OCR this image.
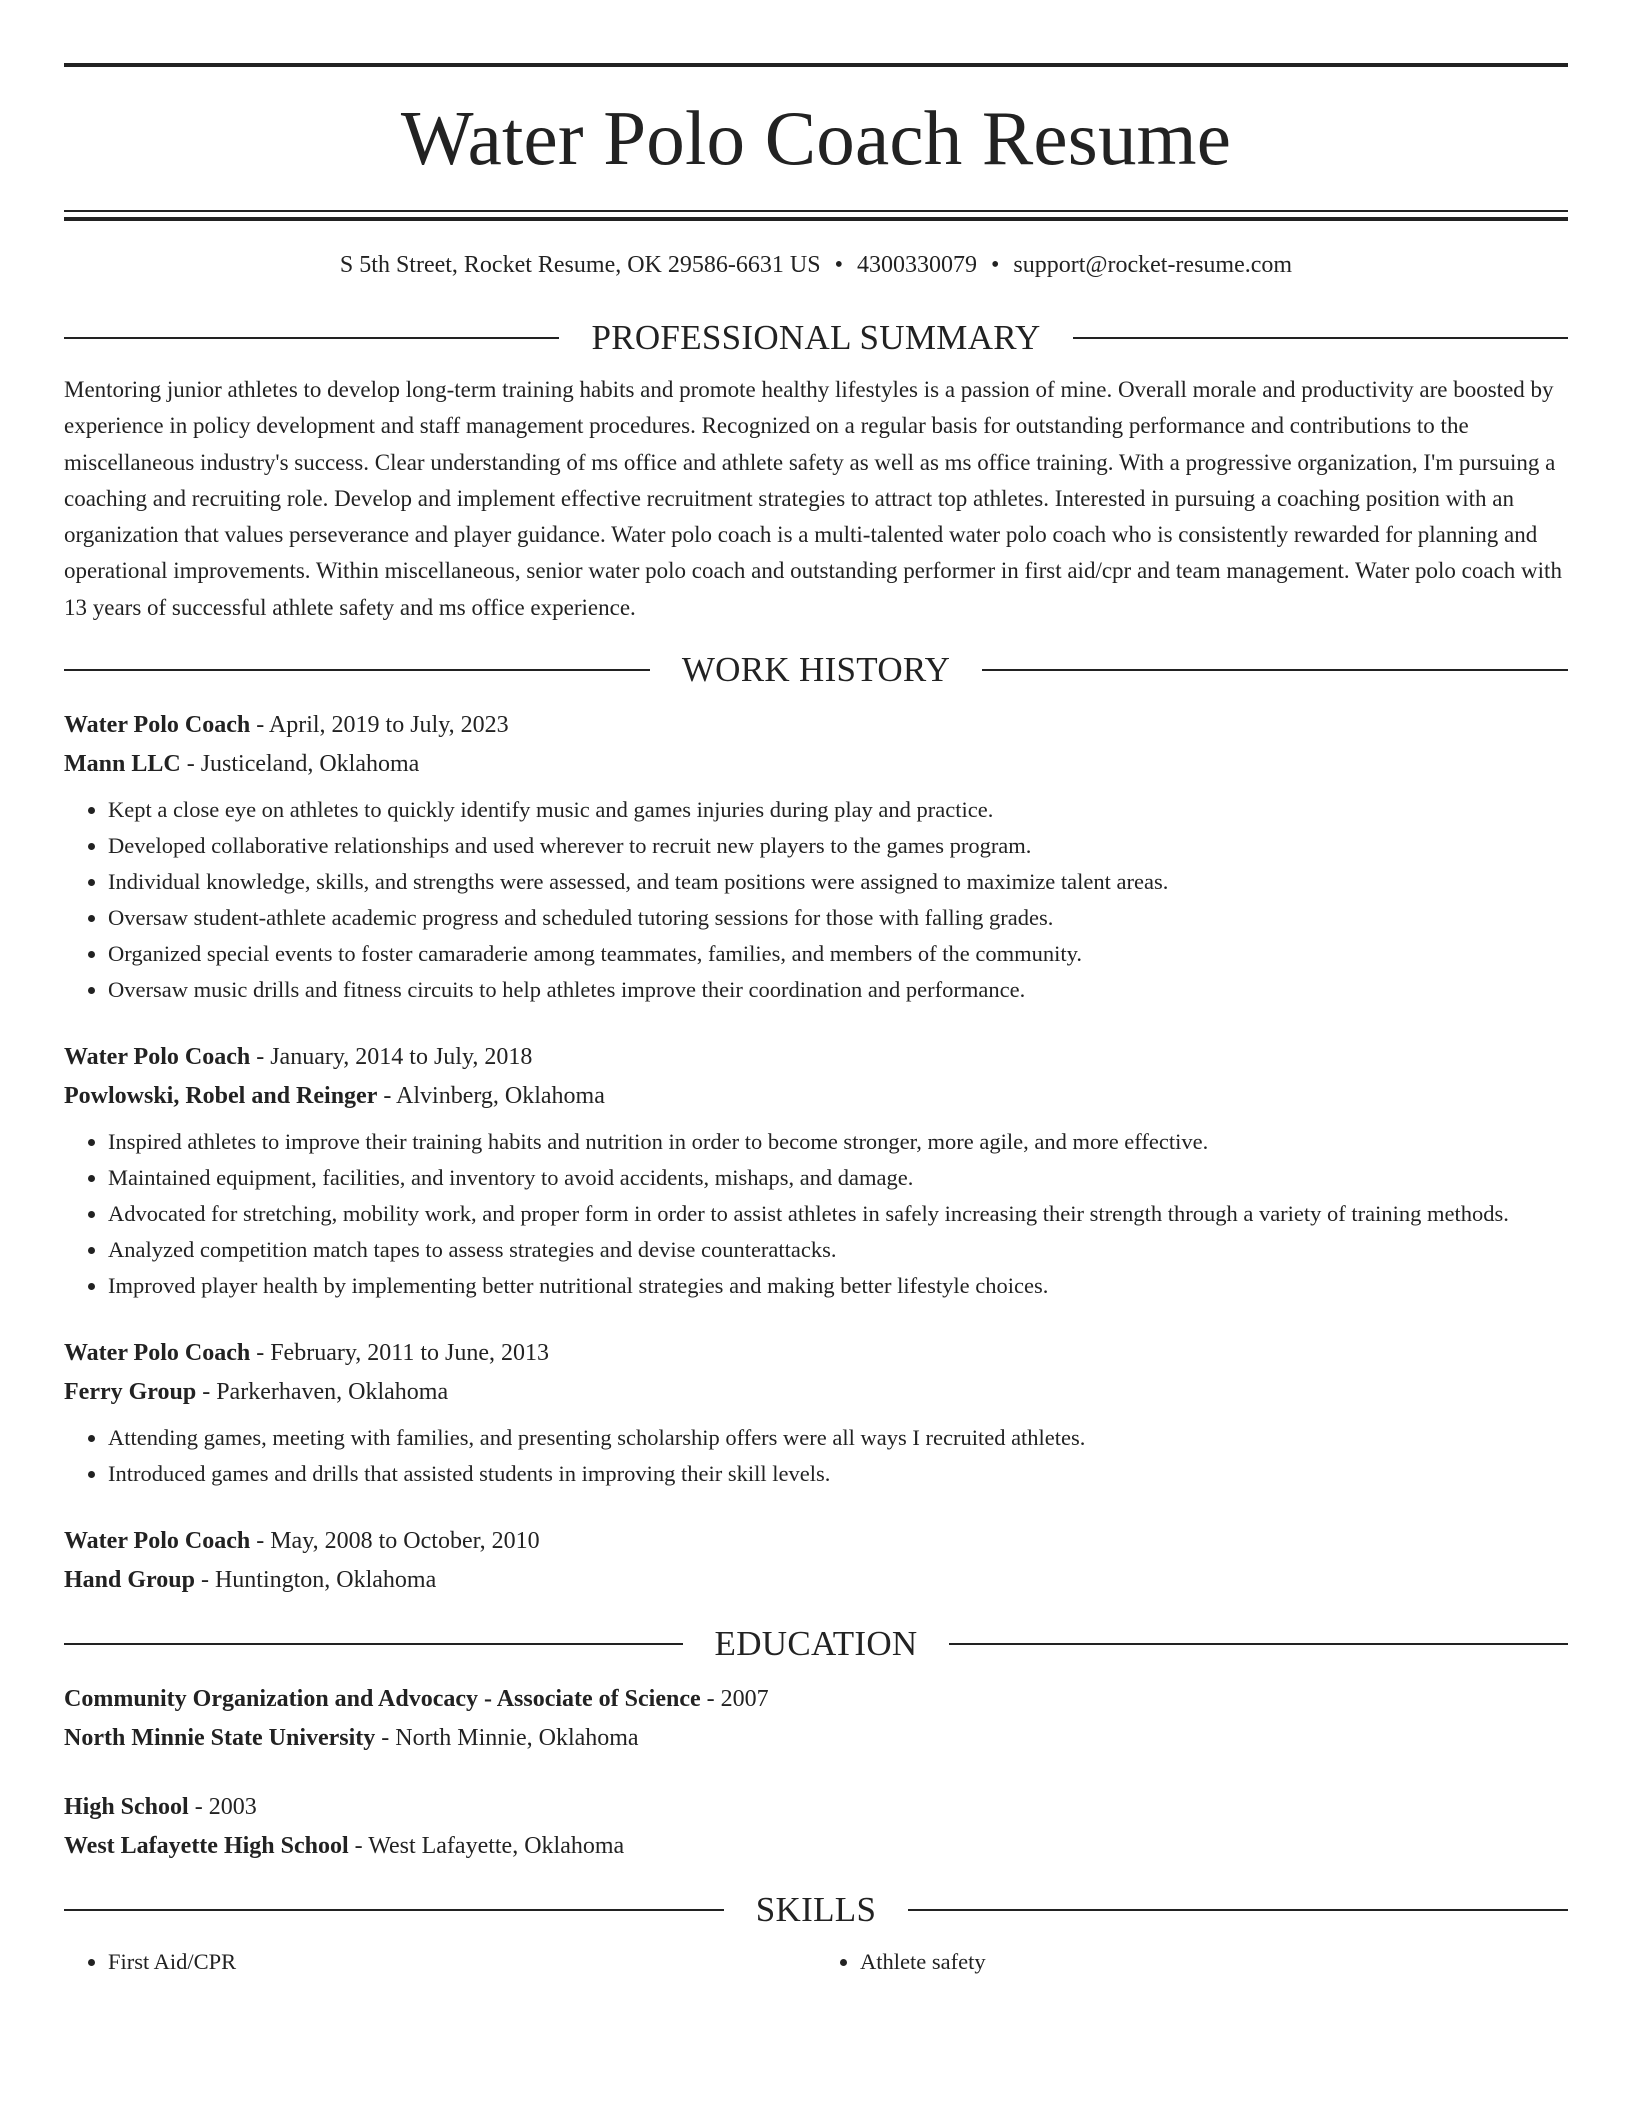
Water Polo Coach Resume
S 5th Street, Rocket Resume, OK 29586-6631 US • 4300330079 • support@rocket-resume.com
PROFESSIONAL SUMMARY

Mentoring junior athletes to develop long-term training habits and promote healthy lifestyles is a passion of mine. Overall morale and productivity are boosted by experience in policy development and staff management procedures. Recognized on a regular basis for outstanding performance and contributions to the miscellaneous industry's success. Clear understanding of ms office and athlete safety as well as ms office training. With a progressive organization, I'm pursuing a coaching and recruiting role. Develop and implement effective recruitment strategies to attract top athletes. Interested in pursuing a coaching position with an organization that values perseverance and player guidance. Water polo coach is a multi-talented water polo coach who is consistently rewarded for planning and operational improvements. Within miscellaneous, senior water polo coach and outstanding performer in first aid/cpr and team management. Water polo coach with 13 years of successful athlete safety and ms office experience.

WORK HISTORY
Water Polo Coach - April, 2019 to July, 2023
Mann LLC - Justiceland, Oklahoma
• Kept a close eye on athletes to quickly identify music and games injuries during play and practice.
• Developed collaborative relationships and used wherever to recruit new players to the games program.
• Individual knowledge, skills, and strengths were assessed, and team positions were assigned to maximize talent areas.
• Oversaw student-athlete academic progress and scheduled tutoring sessions for those with falling grades.
• Organized special events to foster camaraderie among teammates, families, and members of the community.
• Oversaw music drills and fitness circuits to help athletes improve their coordination and performance.
Water Polo Coach - January, 2014 to July, 2018
Powlowski, Robel and Reinger - Alvinberg, Oklahoma
• Inspired athletes to improve their training habits and nutrition in order to become stronger, more agile, and more effective.
• Maintained equipment, facilities, and inventory to avoid accidents, mishaps, and damage.
• Advocated for stretching, mobility work, and proper form in order to assist athletes in safely increasing their strength through a variety of training methods.
• Analyzed competition match tapes to assess strategies and devise counterattacks.
• Improved player health by implementing better nutritional strategies and making better lifestyle choices.
Water Polo Coach - February, 2011 to June, 2013
Ferry Group - Parkerhaven, Oklahoma
• Attending games, meeting with families, and presenting scholarship offers were all ways I recruited athletes.
• Introduced games and drills that assisted students in improving their skill levels.
Water Polo Coach - May, 2008 to October, 2010
Hand Group - Huntington, Oklahoma
EDUCATION
Community Organization and Advocacy - Associate of Science - 2007
North Minnie State University - North Minnie, Oklahoma
High School - 2003
West Lafayette High School - West Lafayette, Oklahoma
SKILLS
• First Aid/CPR
•	Athlete safety
